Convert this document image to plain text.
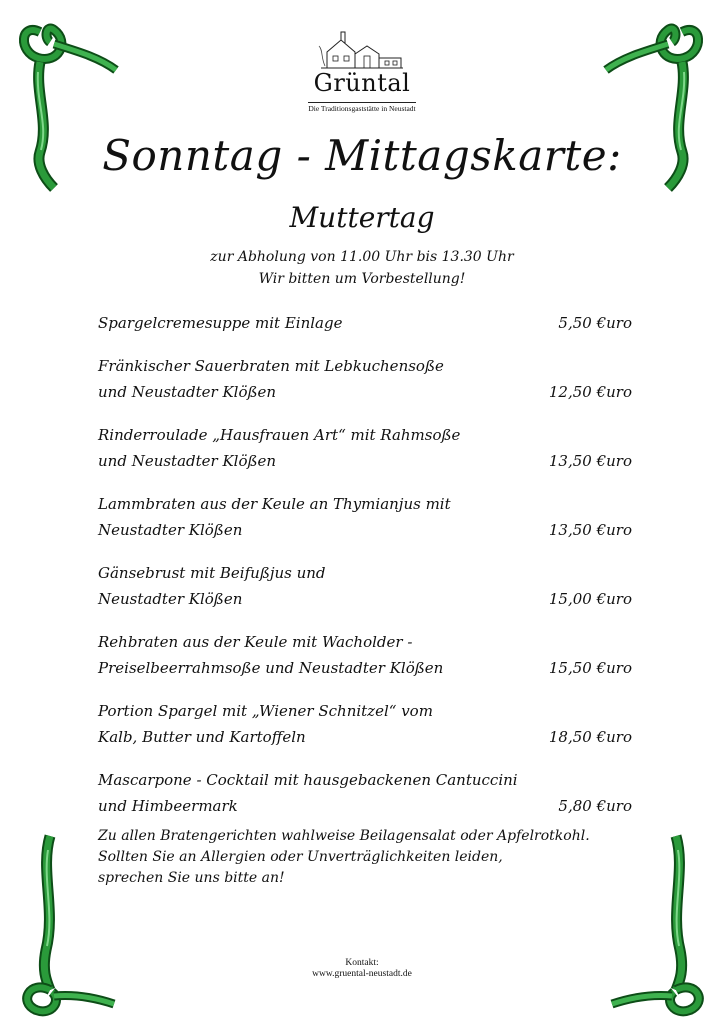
Grüntal
Die Traditionsgaststätte in Neustadt
Sonntag - Mittagskarte:
Muttertag
zur Abholung von 11.00 Uhr bis 13.30 Uhr
Wir bitten um Vorbestellung!
Spargelcremesuppe mit Einlage	5,50 €uro
Fränkischer Sauerbraten mit Lebkuchensoße
und Neustadter Klößen	12,50 €uro
Rinderroulade „Hausfrauen Art“ mit Rahmsoße
und Neustadter Klößen	13,50 €uro
Lammbraten aus der Keule an Thymianjus mit
Neustadter Klößen	13,50 €uro
Gänsebrust mit Beifußjus und
Neustadter Klößen	15,00 €uro
Rehbraten aus der Keule mit Wacholder -
Preiselbeerrahmsoße und Neustadter Klößen	15,50 €uro
Portion Spargel mit „Wiener Schnitzel“ vom
Kalb, Butter und Kartoffeln	18,50 €uro
Mascarpone - Cocktail mit hausgebackenen Cantuccini
und Himbeermark	5,80 €uro
Zu allen Bratengerichten wahlweise Beilagensalat oder Apfelrotkohl.
Sollten Sie an Allergien oder Unverträglichkeiten leiden,
sprechen Sie uns bitte an!
Kontakt:
www.gruental-neustadt.de
